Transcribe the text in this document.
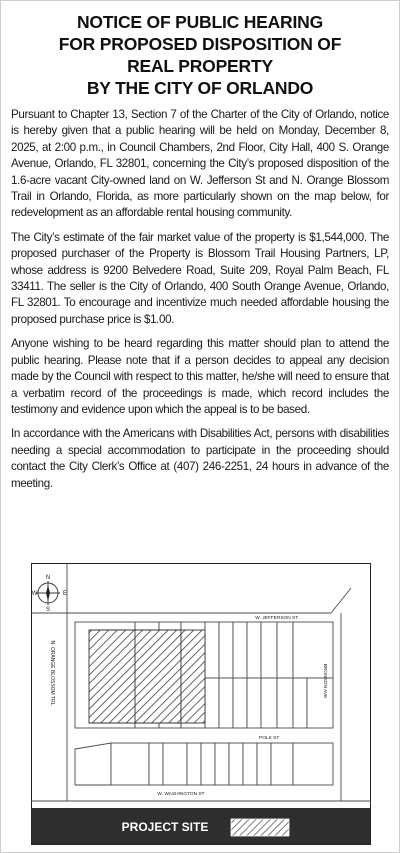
NOTICE OF PUBLIC HEARING
FOR PROPOSED DISPOSITION OF
REAL PROPERTY
BY THE CITY OF ORLANDO

Pursuant to Chapter 13, Section 7 of the Charter of the City of Orlando, notice is hereby given that a public hearing will be held on Monday, December 8, 2025, at 2:00 p.m., in Council Chambers, 2nd Floor, City Hall, 400 S. Orange Avenue, Orlando, FL 32801, concerning the City’s proposed disposition of the 1.6-acre vacant City-owned land on W. Jefferson St and N. Orange Blossom Trail in Orlando, Florida, as more particularly shown on the map below, for redevelopment as an affordable rental housing community.

The City’s estimate of the fair market value of the property is $1,544,000. The proposed purchaser of the Property is Blossom Trail Housing Partners, LP, whose address is 9200 Belvedere Road, Suite 209, Royal Palm Beach, FL 33411. The seller is the City of Orlando, 400 South Orange Avenue, Orlando, FL 32801. To encourage and incentivize much needed affordable housing the proposed purchase price is $1.00.

Anyone wishing to be heard regarding this matter should plan to attend the public hearing. Please note that if a person decides to appeal any decision made by the Council with respect to this matter, he/she will need to ensure that a verbatim record of the proceedings is made, which record includes the testimony and evidence upon which the appeal is to be based.

In accordance with the Americans with Disabilities Act, persons with disabilities needing a special accommodation to participate in the proceeding should contact the City Clerk’s Office at (407) 246-2251, 24 hours in advance of the meeting.

N
S
E
W
W. JEFFERSON ST.
POLK ST
W. WASHINGTON ST
N. ORANGE BLOSSOM TRL	BRONSON AVE
PROJECT SITE
